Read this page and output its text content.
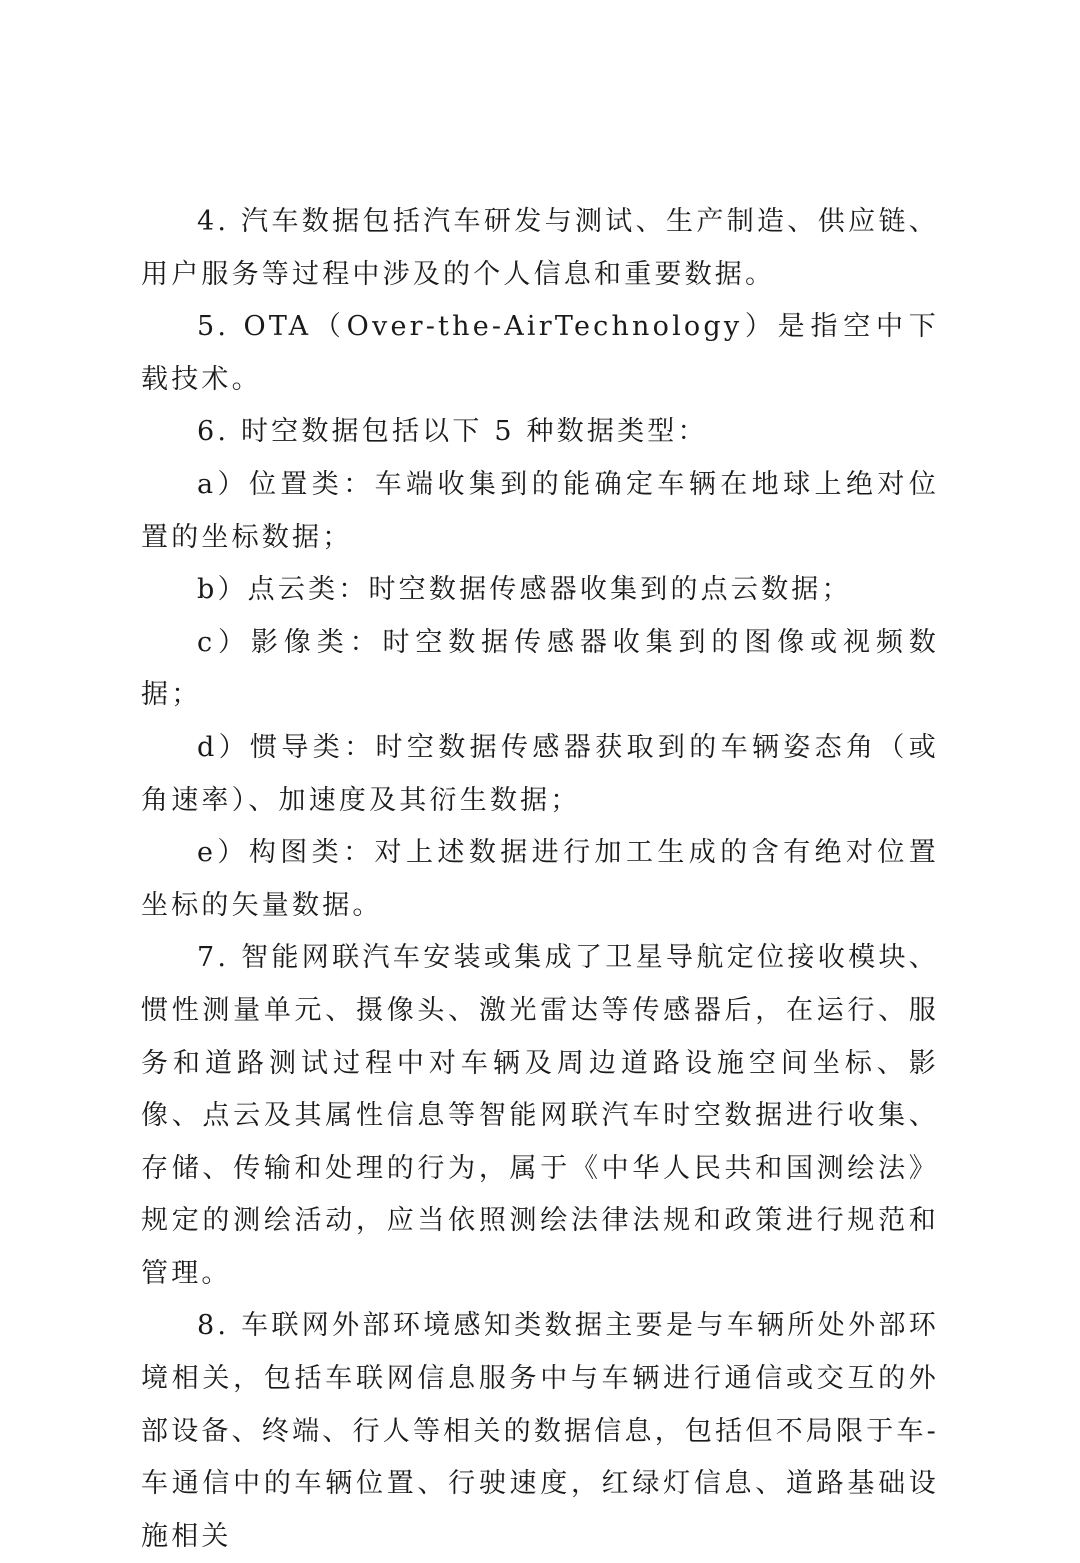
4. 汽车数据包括汽车研发与测试、生产制造、供应链、用户服务等过程中涉及的个人信息和重要数据。

5. OTA（Over-the-AirTechnology）是指空中下载技术。

6. 时空数据包括以下 5 种数据类型：

a）位置类：车端收集到的能确定车辆在地球上绝对位置的坐标数据；

b）点云类：时空数据传感器收集到的点云数据；

c）影像类：时空数据传感器收集到的图像或视频数据；

d）惯导类：时空数据传感器获取到的车辆姿态角（或角速率）、加速度及其衍生数据；

e）构图类：对上述数据进行加工生成的含有绝对位置坐标的矢量数据。

7. 智能网联汽车安装或集成了卫星导航定位接收模块、惯性测量单元、摄像头、激光雷达等传感器后，在运行、服务和道路测试过程中对车辆及周边道路设施空间坐标、影像、点云及其属性信息等智能网联汽车时空数据进行收集、存储、传输和处理的行为，属于《中华人民共和国测绘法》规定的测绘活动，应当依照测绘法律法规和政策进行规范和管理。

8. 车联网外部环境感知类数据主要是与车辆所处外部环境相关，包括车联网信息服务中与车辆进行通信或交互的外部设备、终端、行人等相关的数据信息，包括但不局限于车-车通信中的车辆位置、行驶速度，红绿灯信息、道路基础设施相关
